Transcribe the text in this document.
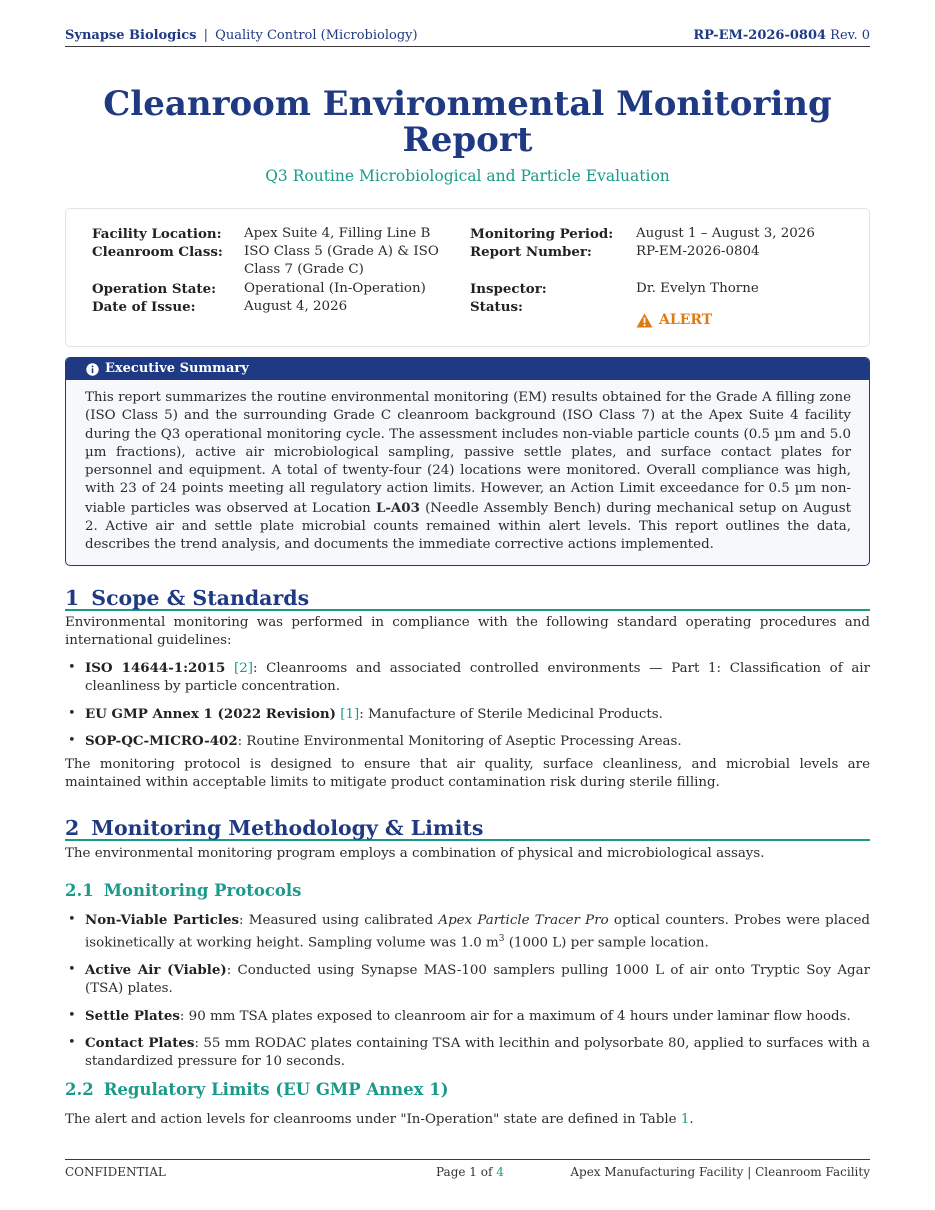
Synapse Biologics | Quality Control (Microbiology)	RP-EM-2026-0804 Rev. 0
Cleanroom Environmental Monitoring
Report
Q3 Routine Microbiological and Particle Evaluation
Facility Location:	Apex Suite 4, Filling Line B
Cleanroom Class:	ISO Class 5 (Grade A) & ISO Class 7 (Grade C)
Operation State:	Operational (In-Operation)
Date of Issue:	August 4, 2026
Monitoring Period:	August 1 – August 3, 2026
Report Number:	RP-EM-2026-0804
Inspector:	Dr. Evelyn Thorne
Status:
ALERT
Executive Summary
This report summarizes the routine environmental monitoring (EM) results obtained for the Grade A filling zone (ISO Class 5) and the surrounding Grade C cleanroom background (ISO Class 7) at the Apex Suite 4 facility during the Q3 operational monitoring cycle. The assessment includes non-viable particle counts (0.5 µm and 5.0 µm fractions), active air microbiological sampling, passive settle plates, and surface contact plates for personnel and equipment. A total of twenty-four (24) locations were monitored. Overall compliance was high, with 23 of 24 points meeting all regulatory action limits. However, an Action Limit exceedance for 0.5 µm non-viable particles was observed at Location L-A03 (Needle Assembly Bench) during mechanical setup on August 2. Active air and settle plate microbial counts remained within alert levels. This report outlines the data, describes the trend analysis, and documents the immediate corrective actions implemented.
1 Scope & Standards
Environmental monitoring was performed in compliance with the following standard operating procedures and international guidelines:
• ISO 14644-1:2015 [2]: Cleanrooms and associated controlled environments — Part 1: Classification of air cleanliness by particle concentration.
• EU GMP Annex 1 (2022 Revision) [1]: Manufacture of Sterile Medicinal Products.
• SOP-QC-MICRO-402: Routine Environmental Monitoring of Aseptic Processing Areas.
The monitoring protocol is designed to ensure that air quality, surface cleanliness, and microbial levels are maintained within acceptable limits to mitigate product contamination risk during sterile filling.
2 Monitoring Methodology & Limits
The environmental monitoring program employs a combination of physical and microbiological assays.
2.1 Monitoring Protocols
• Non-Viable Particles: Measured using calibrated Apex Particle Tracer Pro optical counters. Probes were placed isokinetically at working height. Sampling volume was 1.0 $m^3$ (1000 L) per sample location.
• Active Air (Viable): Conducted using Synapse MAS-100 samplers pulling 1000 L of air onto Tryptic Soy Agar (TSA) plates.
• Settle Plates: 90 mm TSA plates exposed to cleanroom air for a maximum of 4 hours under laminar flow hoods.
• Contact Plates: 55 mm RODAC plates containing TSA with lecithin and polysorbate 80, applied to surfaces with a standardized pressure for 10 seconds.
2.2 Regulatory Limits (EU GMP Annex 1)
The alert and action levels for cleanrooms under "In-Operation" state are defined in Table 1.
CONFIDENTIAL	Page 1 of 4	Apex Manufacturing Facility | Cleanroom Facility
